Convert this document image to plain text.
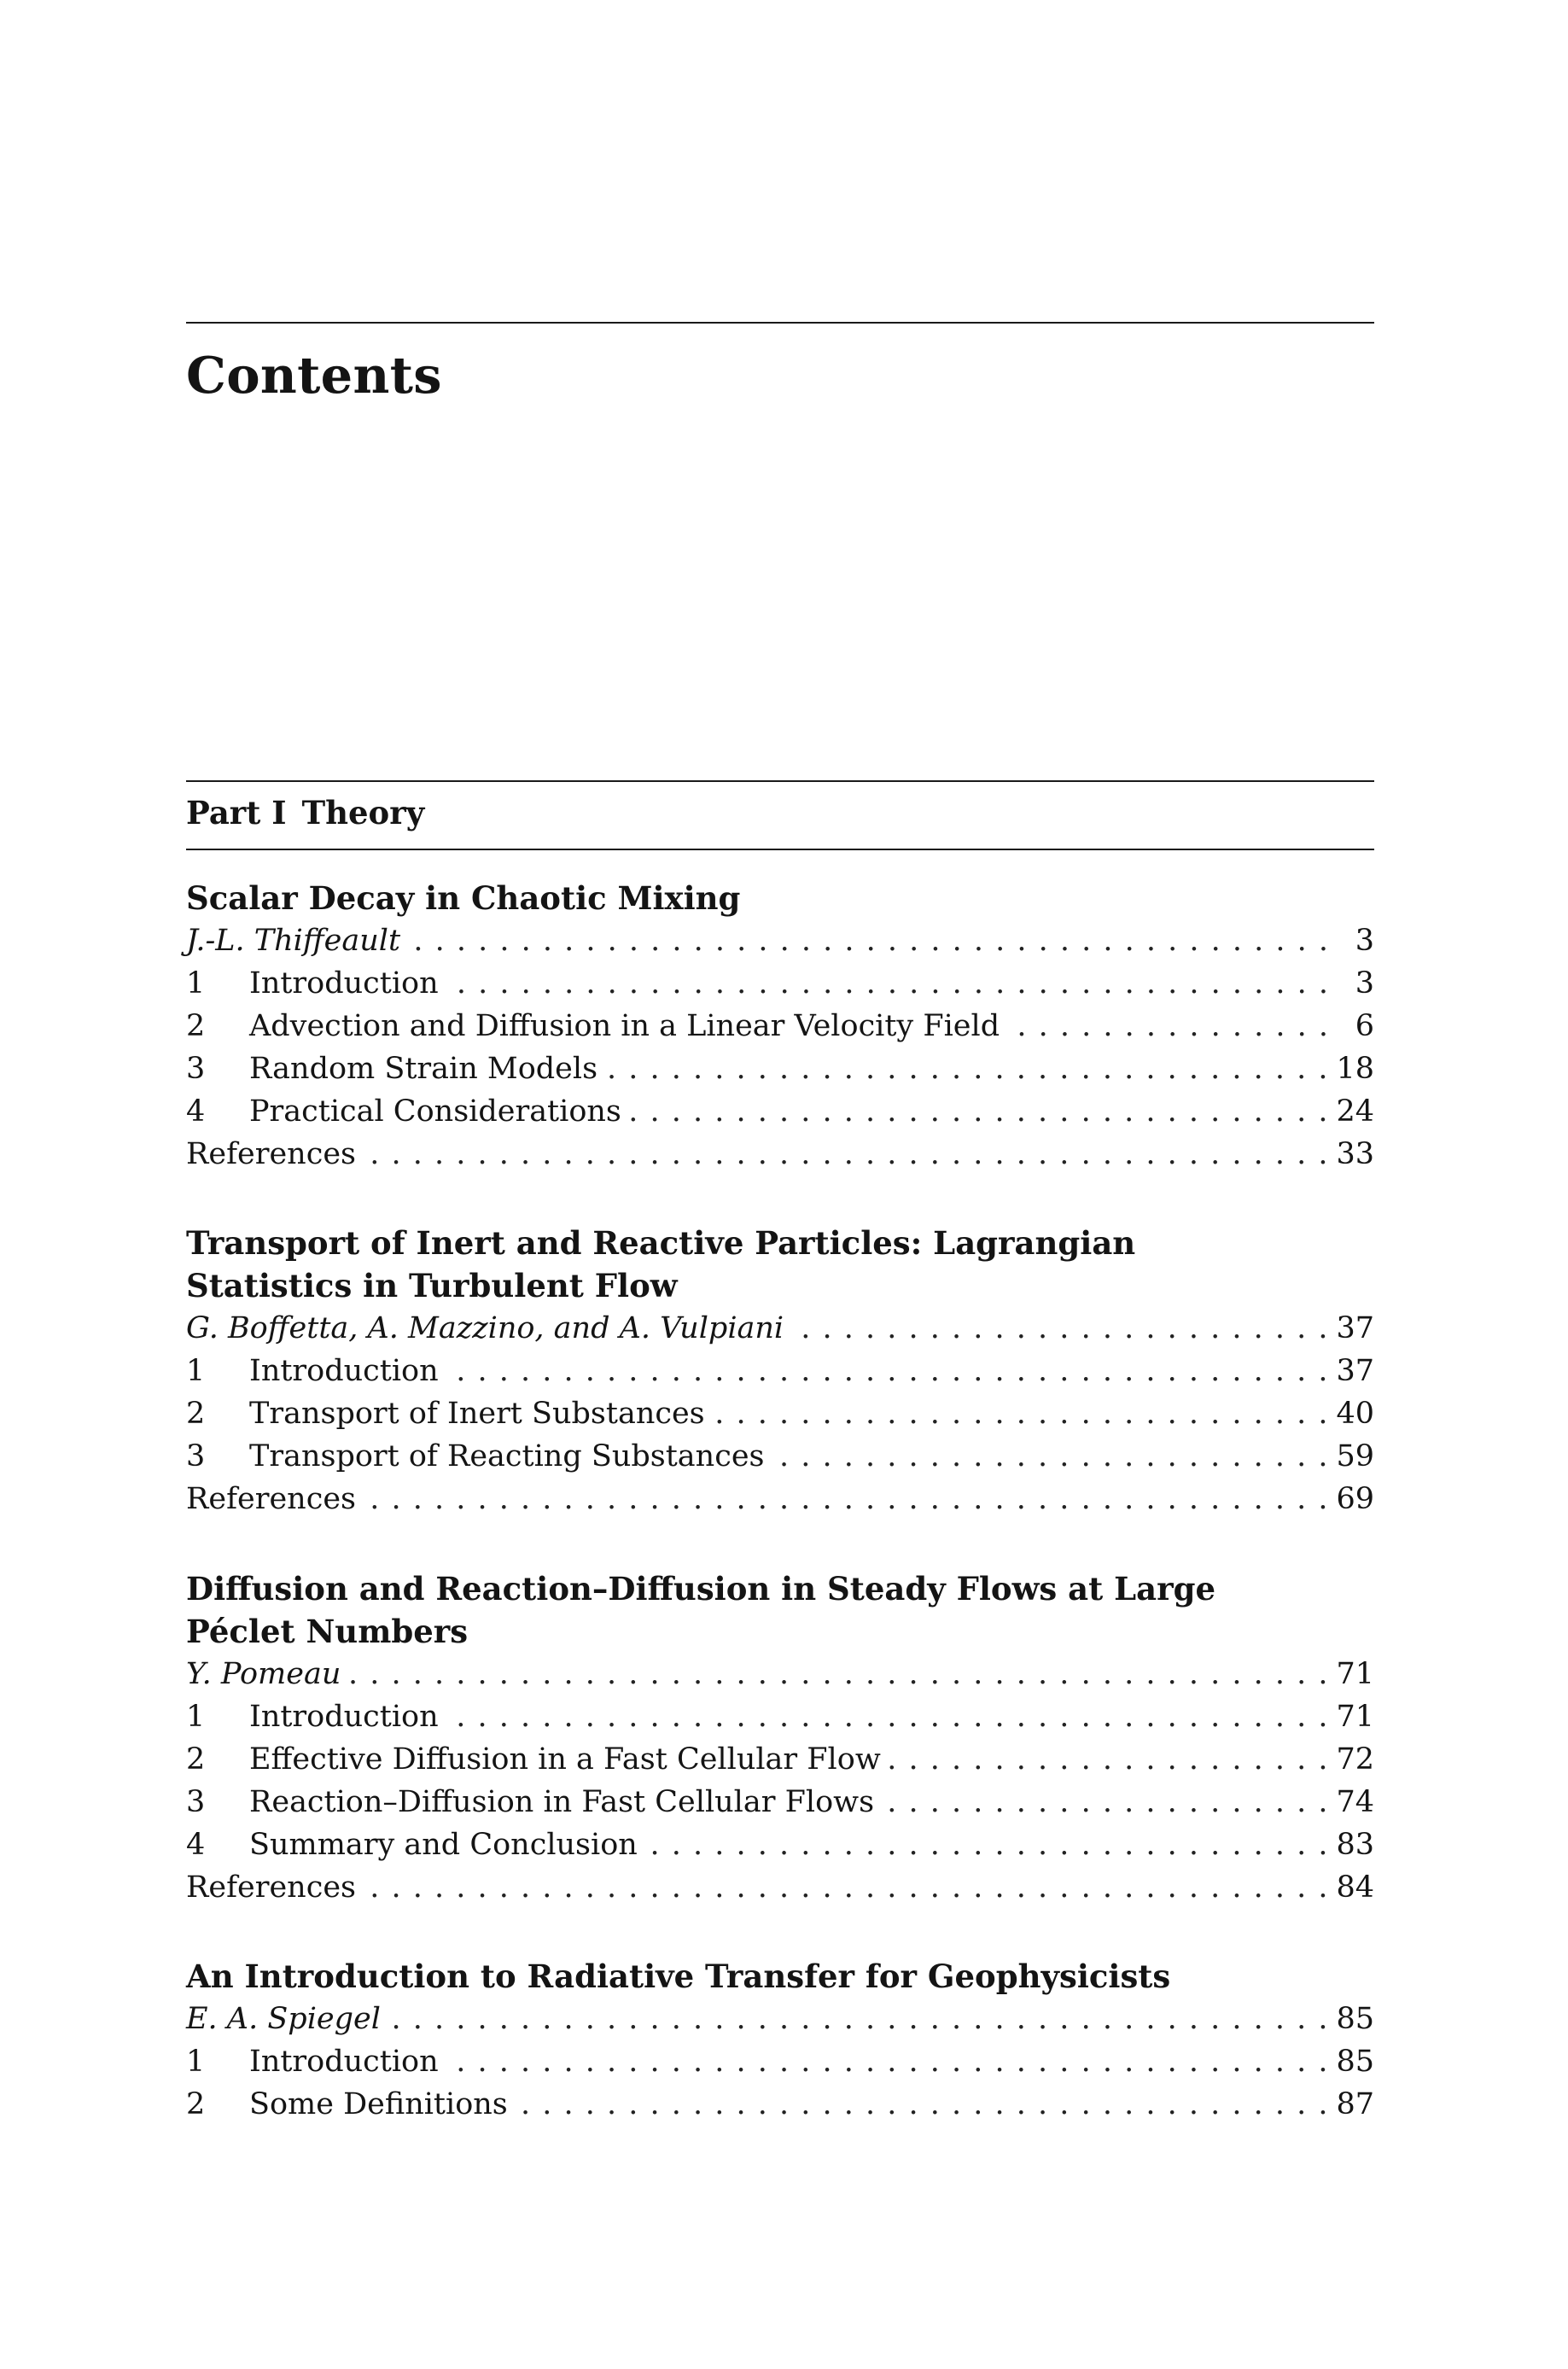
Contents
Part I Theory
Scalar Decay in Chaotic Mixing
J.-L. Thiffeault . . .	3
1 Introduction . . .	3
2 Advection and Diffusion in a Linear Velocity Field . . .	6
3 Random Strain Models . . .	18
4 Practical Considerations . . .	24
References . . .	33
Transport of Inert and Reactive Particles: Lagrangian Statistics in Turbulent Flow
G. Boffetta, A. Mazzino, and A. Vulpiani . . .	37
1 Introduction . . .	37
2 Transport of Inert Substances . . .	40
3 Transport of Reacting Substances . . .	59
References . . .	69
Diffusion and Reaction–Diffusion in Steady Flows at Large Péclet Numbers
Y. Pomeau . . .	71
1 Introduction . . .	71
2 Effective Diffusion in a Fast Cellular Flow . . .	72
3 Reaction–Diffusion in Fast Cellular Flows . . .	74
4 Summary and Conclusion . . .	83
References . . .	84
An Introduction to Radiative Transfer for Geophysicists
E. A. Spiegel . . .	85
1 Introduction . . .	85
2 Some Definitions . . .	87
